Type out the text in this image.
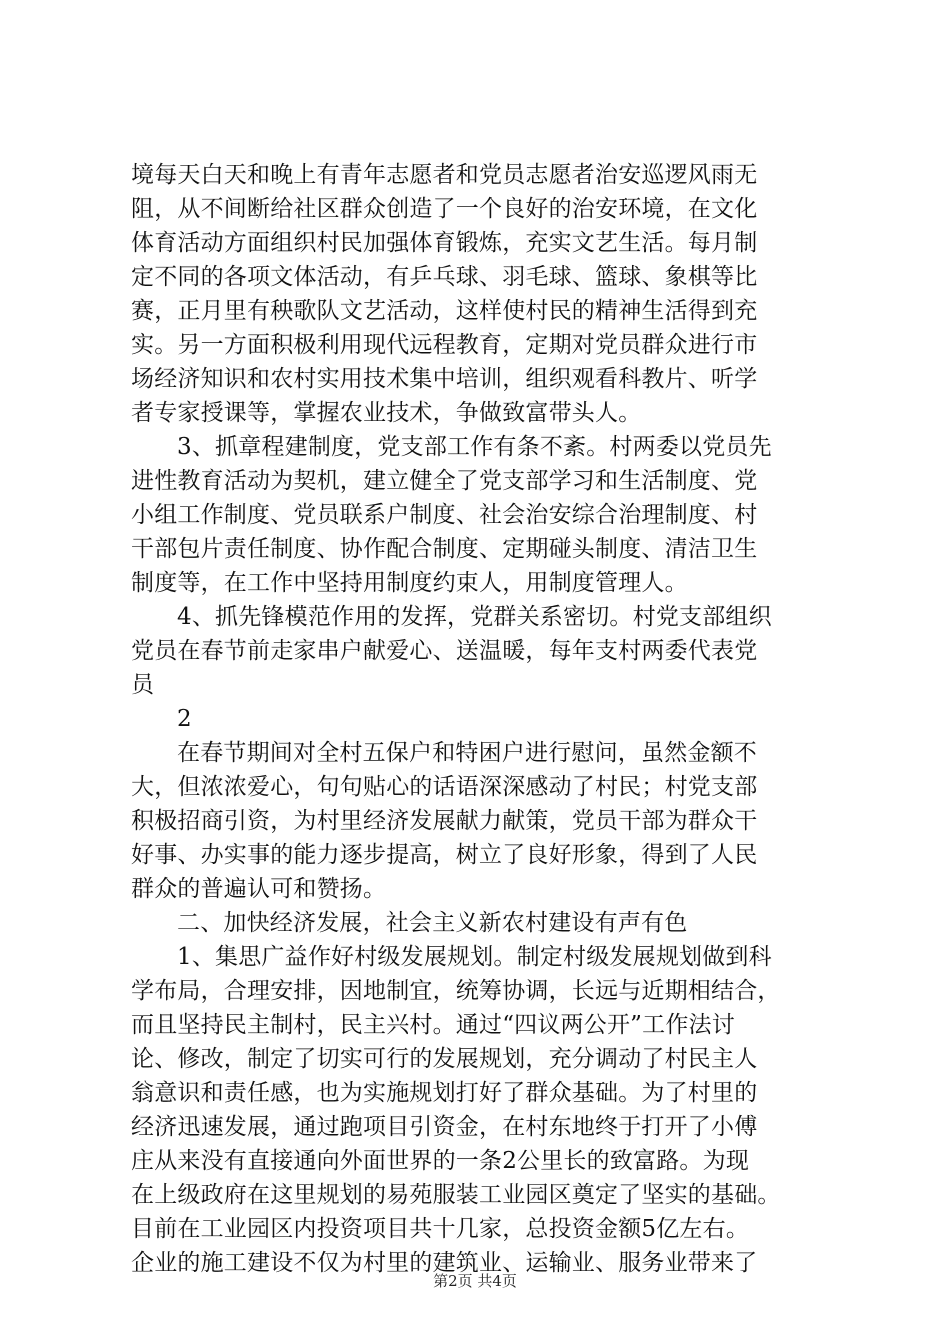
境每天白天和晚上有青年志愿者和党员志愿者治安巡逻风雨无
阻，从不间断给社区群众创造了一个良好的治安环境，在文化
体育活动方面组织村民加强体育锻炼，充实文艺生活。每月制
定不同的各项文体活动，有乒乓球、羽毛球、篮球、象棋等比
赛，正月里有秧歌队文艺活动，这样使村民的精神生活得到充
实。另一方面积极利用现代远程教育，定期对党员群众进行市
场经济知识和农村实用技术集中培训，组织观看科教片、听学
者专家授课等，掌握农业技术，争做致富带头人。
3、抓章程建制度，党支部工作有条不紊。村两委以党员先
进性教育活动为契机，建立健全了党支部学习和生活制度、党
小组工作制度、党员联系户制度、社会治安综合治理制度、村
干部包片责任制度、协作配合制度、定期碰头制度、清洁卫生
制度等，在工作中坚持用制度约束人，用制度管理人。
4、抓先锋模范作用的发挥，党群关系密切。村党支部组织
党员在春节前走家串户献爱心、送温暖，每年支村两委代表党
员
2
在春节期间对全村五保户和特困户进行慰问，虽然金额不
大，但浓浓爱心，句句贴心的话语深深感动了村民；村党支部
积极招商引资，为村里经济发展献力献策，党员干部为群众干
好事、办实事的能力逐步提高，树立了良好形象，得到了人民
群众的普遍认可和赞扬。
二、加快经济发展，社会主义新农村建设有声有色
1、集思广益作好村级发展规划。制定村级发展规划做到科
学布局，合理安排，因地制宜，统筹协调，长远与近期相结合，
而且坚持民主制村，民主兴村。通过“四议两公开”工作法讨
论、修改，制定了切实可行的发展规划，充分调动了村民主人
翁意识和责任感，也为实施规划打好了群众基础。为了村里的
经济迅速发展，通过跑项目引资金，在村东地终于打开了小傅
庄从来没有直接通向外面世界的一条2公里长的致富路。为现
在上级政府在这里规划的易苑服装工业园区奠定了坚实的基础。
目前在工业园区内投资项目共十几家，总投资金额5亿左右。
企业的施工建设不仅为村里的建筑业、运输业、服务业带来了
第2页 共4页
